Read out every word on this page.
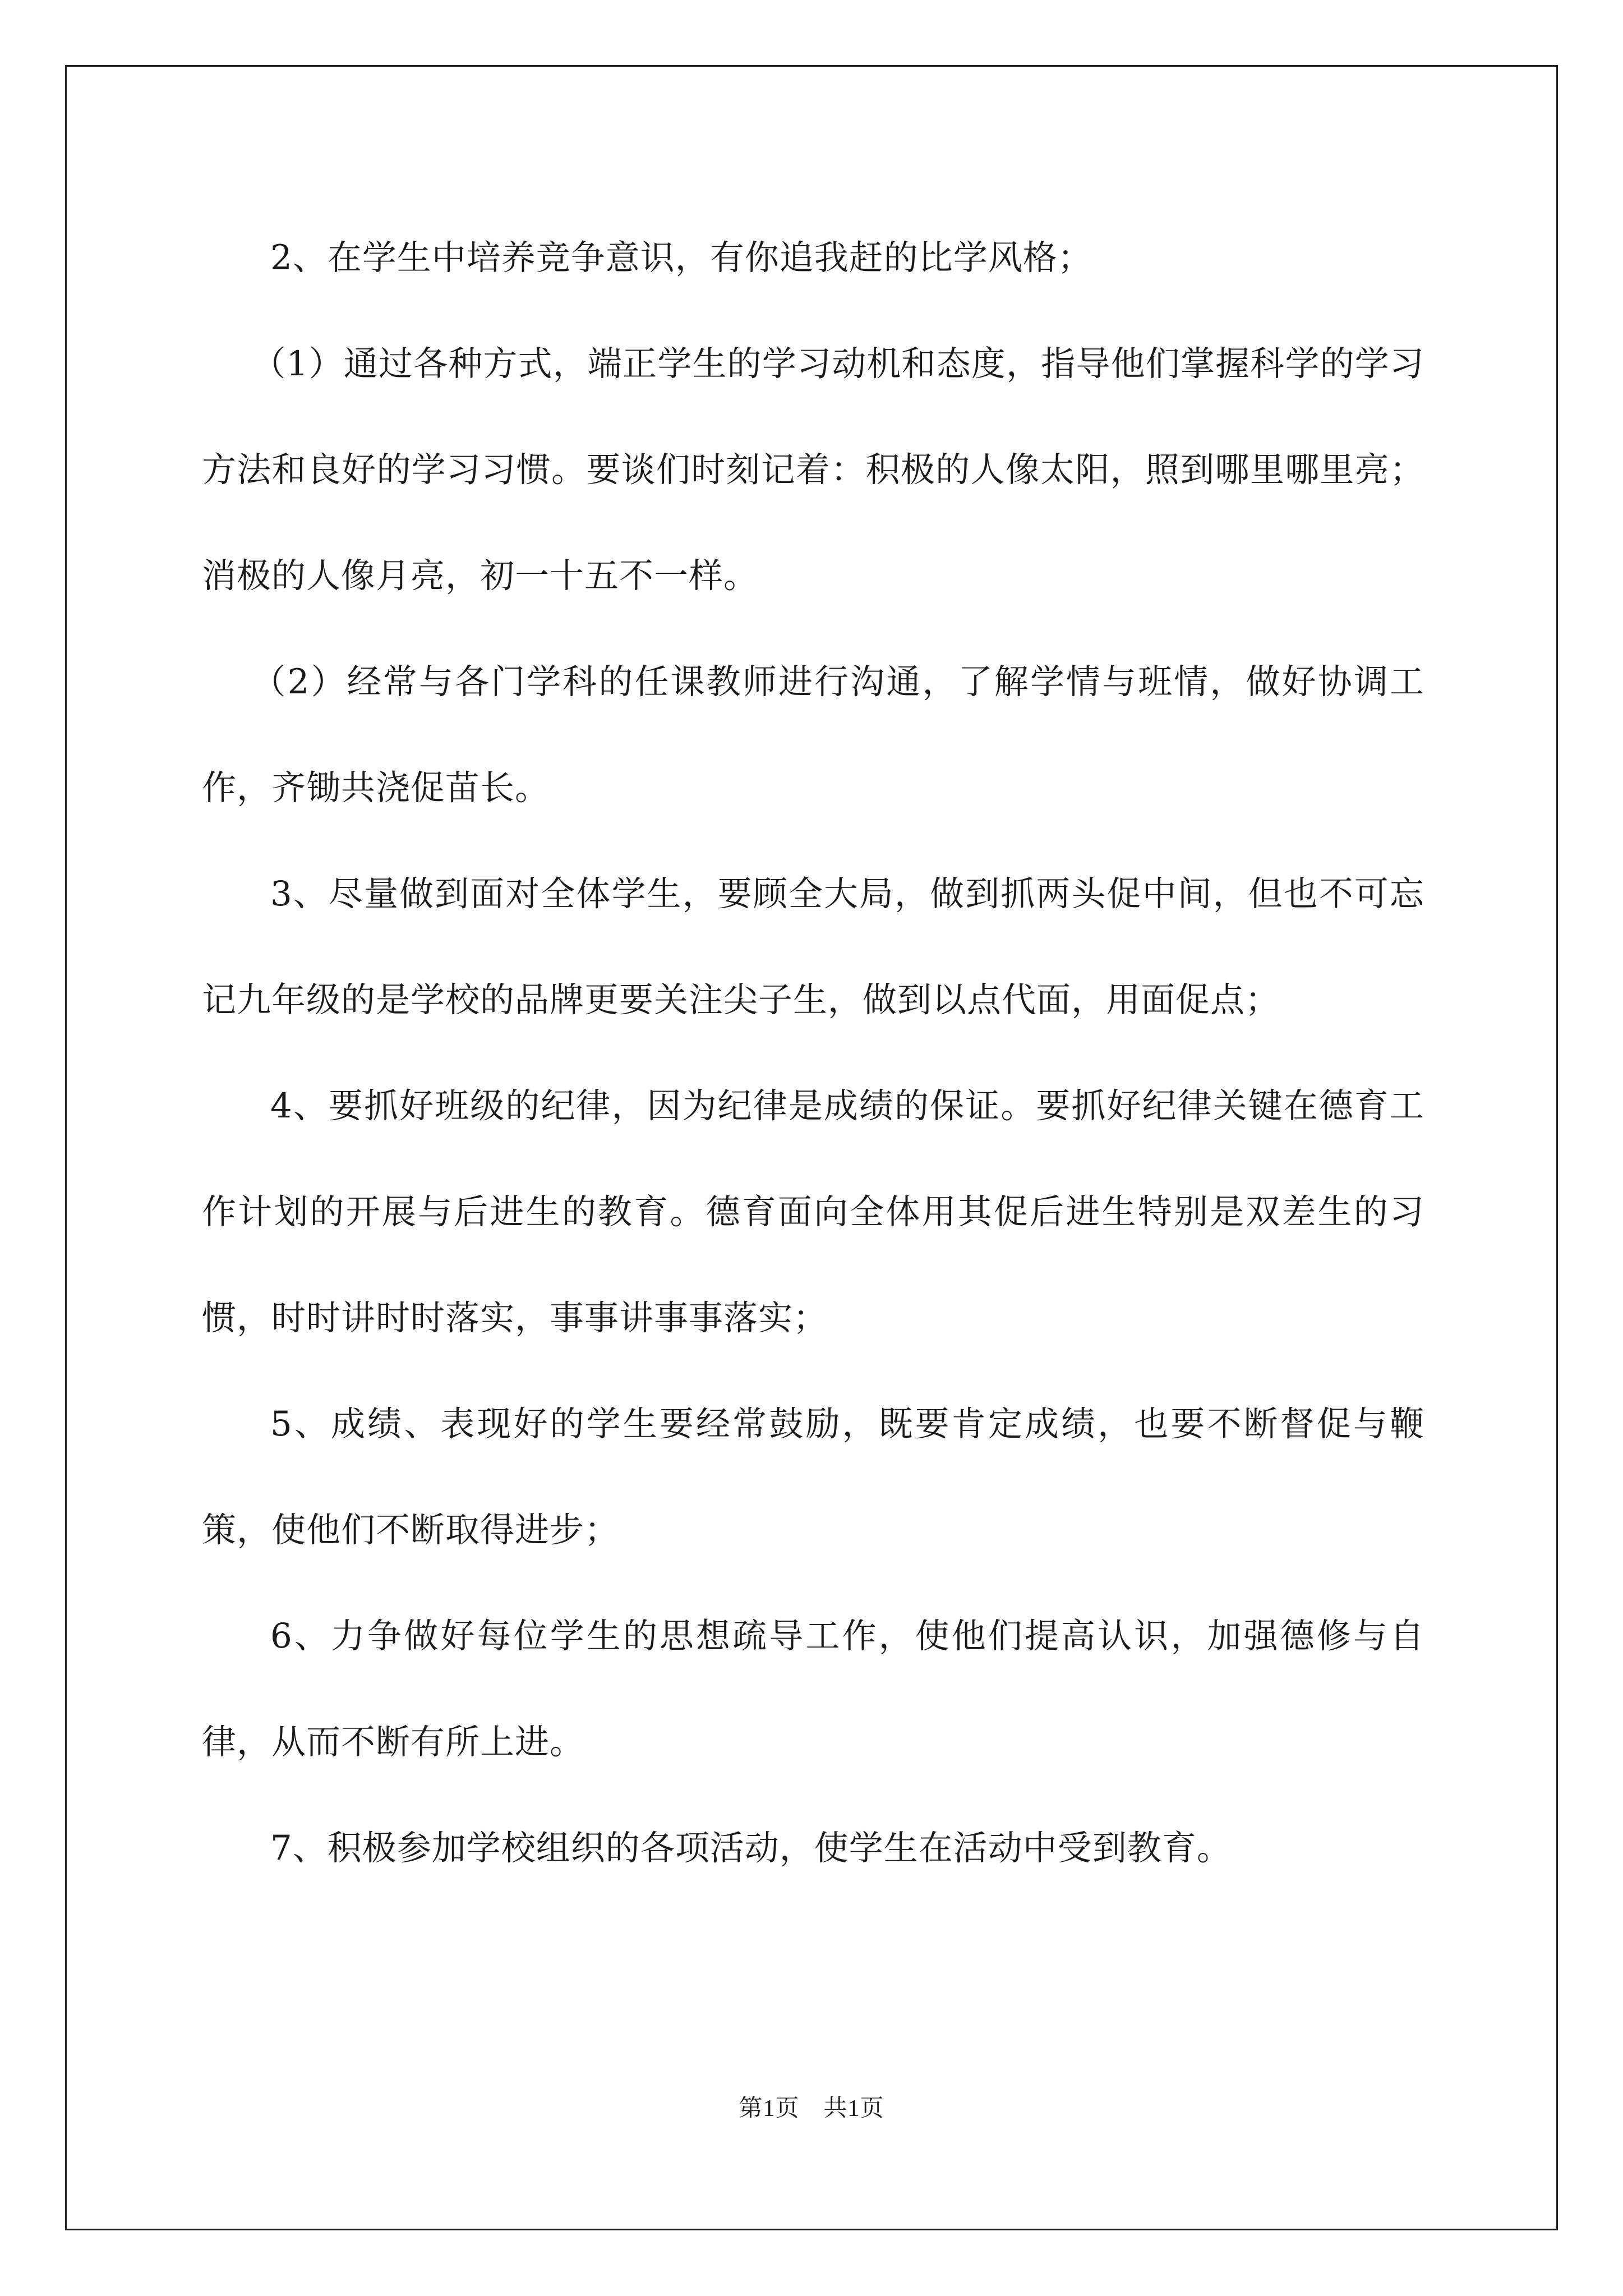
2、在学生中培养竞争意识，有你追我赶的比学风格；

（1）通过各种方式，端正学生的学习动机和态度，指导他们掌握科学的学习方法和良好的学习习惯。要谈们时刻记着：积极的人像太阳，照到哪里哪里亮；消极的人像月亮，初一十五不一样。

（2）经常与各门学科的任课教师进行沟通，了解学情与班情，做好协调工作，齐锄共浇促苗长。

3、尽量做到面对全体学生，要顾全大局，做到抓两头促中间，但也不可忘记九年级的是学校的品牌更要关注尖子生，做到以点代面，用面促点；

4、要抓好班级的纪律，因为纪律是成绩的保证。要抓好纪律关键在德育工作计划的开展与后进生的教育。德育面向全体用其促后进生特别是双差生的习惯，时时讲时时落实，事事讲事事落实；

5、成绩、表现好的学生要经常鼓励，既要肯定成绩，也要不断督促与鞭策，使他们不断取得进步；

6、力争做好每位学生的思想疏导工作，使他们提高认识，加强德修与自律，从而不断有所上进。

7、积极参加学校组织的各项活动，使学生在活动中受到教育。

第1页　共1页
